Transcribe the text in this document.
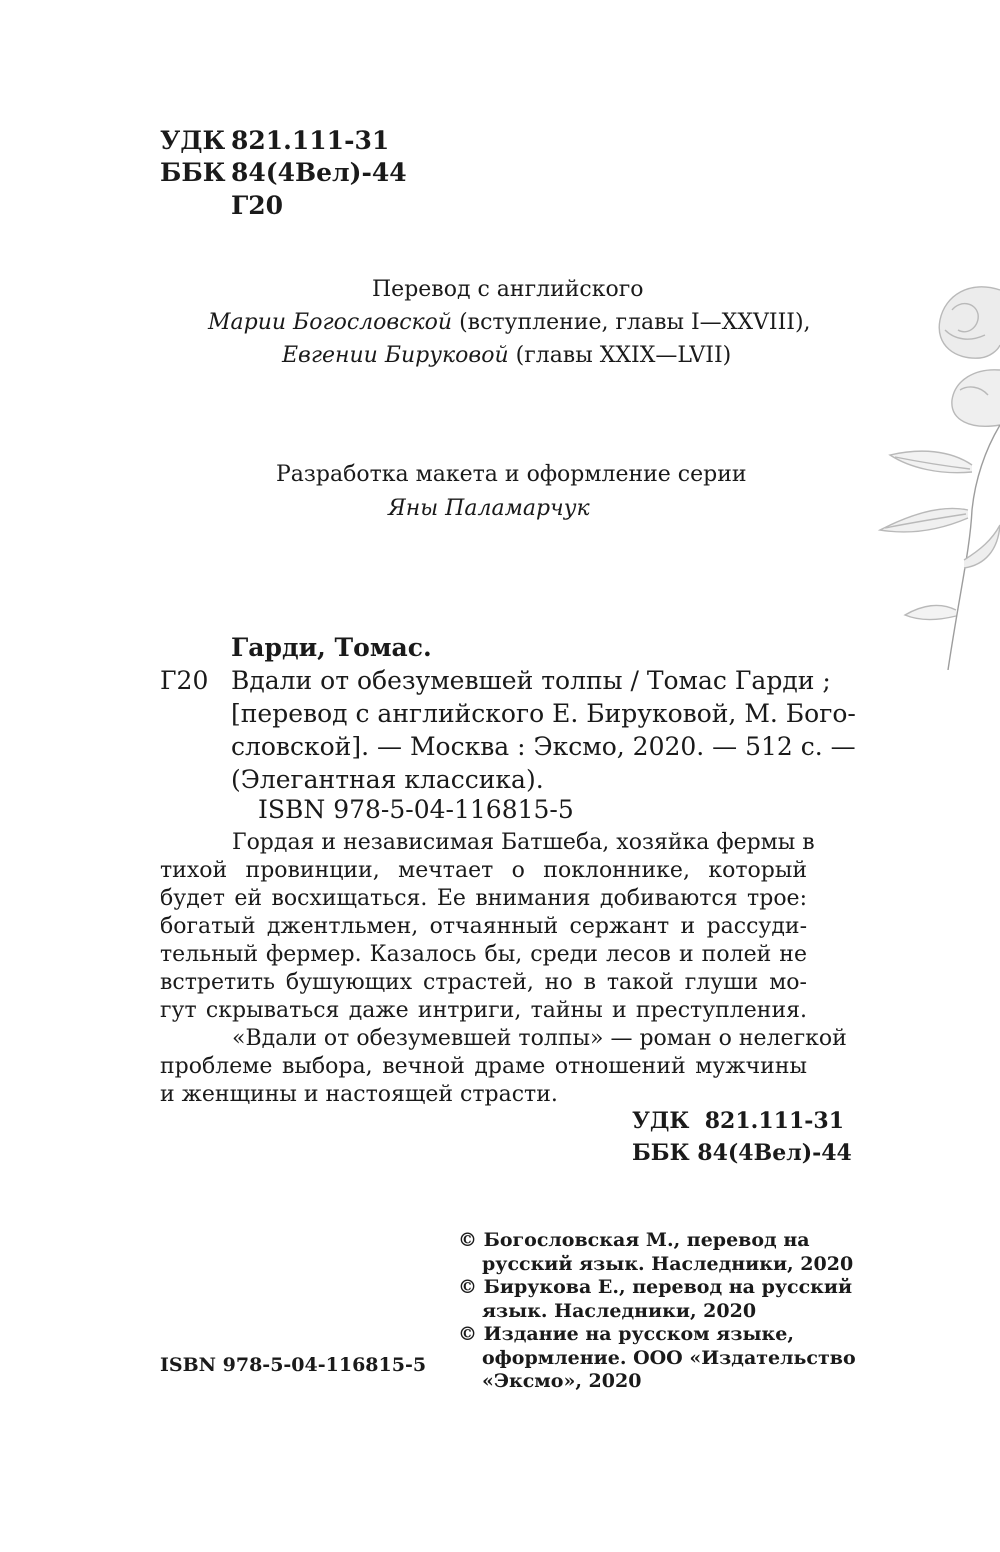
УДК 821.111-31
ББК 84(4Вел)-44
Г20
Перевод с английского
Марии Богословской (вступление, главы I—XXVIII),
Евгении Бируковой (главы XXIX—LVII)
Разработка макета и оформление серии
Яны Паламарчук
Гарди, Томас.
Г20 Вдали от обезумевшей толпы / Томас Гарди ;
[перевод с английского Е. Бируковой, М. Бого-
словской]. — Москва : Эксмо, 2020. — 512 с. —
(Элегантная классика).
ISBN 978-5-04-116815-5
Гордая и независимая Батшеба, хозяйка фермы в
тихой провинции, мечтает о поклоннике, который
будет ей восхищаться. Ее внимания добиваются трое:
богатый джентльмен, отчаянный сержант и рассуди-
тельный фермер. Казалось бы, среди лесов и полей не
встретить бушующих страстей, но в такой глуши мо-
гут скрываться даже интриги, тайны и преступления.
«Вдали от обезумевшей толпы» — роман о нелегкой
проблеме выбора, вечной драме отношений мужчины
и женщины и настоящей страсти.
УДК  821.111-31
ББК 84(4Вел)-44
© Богословская М., перевод на
русский язык. Наследники, 2020
© Бирукова Е., перевод на русский
язык. Наследники, 2020
© Издание на русском языке,
оформление. ООО «Издательство
«Эксмо», 2020
ISBN 978-5-04-116815-5
